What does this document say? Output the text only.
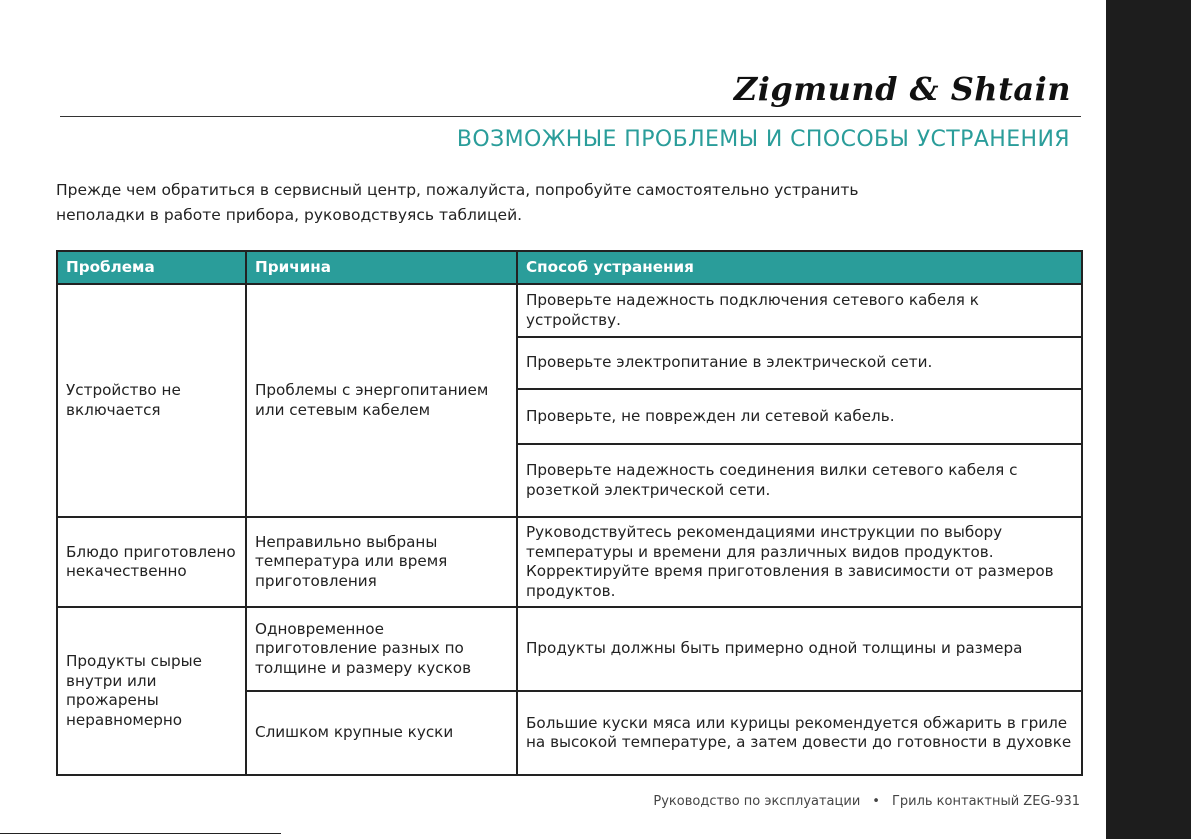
Zigmund & Shtain
ВОЗМОЖНЫЕ ПРОБЛЕМЫ И СПОСОБЫ УСТРАНЕНИЯ
Прежде чем обратиться в сервисный центр, пожалуйста, попробуйте самостоятельно устранить
неполадки в работе прибора, руководствуясь таблицей.
Проблема	Причина	Способ устранения
Устройство не включается	Проблемы с энергопитанием или сетевым кабелем	Проверьте надежность подключения сетевого кабеля к устройству.
		Проверьте электропитание в электрической сети.
		Проверьте, не поврежден ли сетевой кабель.
		Проверьте надежность соединения вилки сетевого кабеля с розеткой электрической сети.
Блюдо приготовлено некачественно	Неправильно выбраны температура или время приготовления	Руководствуйтесь рекомендациями инструкции по выбору температуры и времени для различных видов продуктов. Корректируйте время приготовления в зависимости от размеров продуктов.
Продукты сырые внутри или прожарены неравномерно	Одновременное приготовление разных по толщине и размеру кусков	Продукты должны быть примерно одной толщины и размера
	Слишком крупные куски	Большие куски мяса или курицы рекомендуется обжарить в гриле на высокой температуре, а затем довести до готовности в духовке
Руководство по эксплуатации • Гриль контактный ZEG-931
